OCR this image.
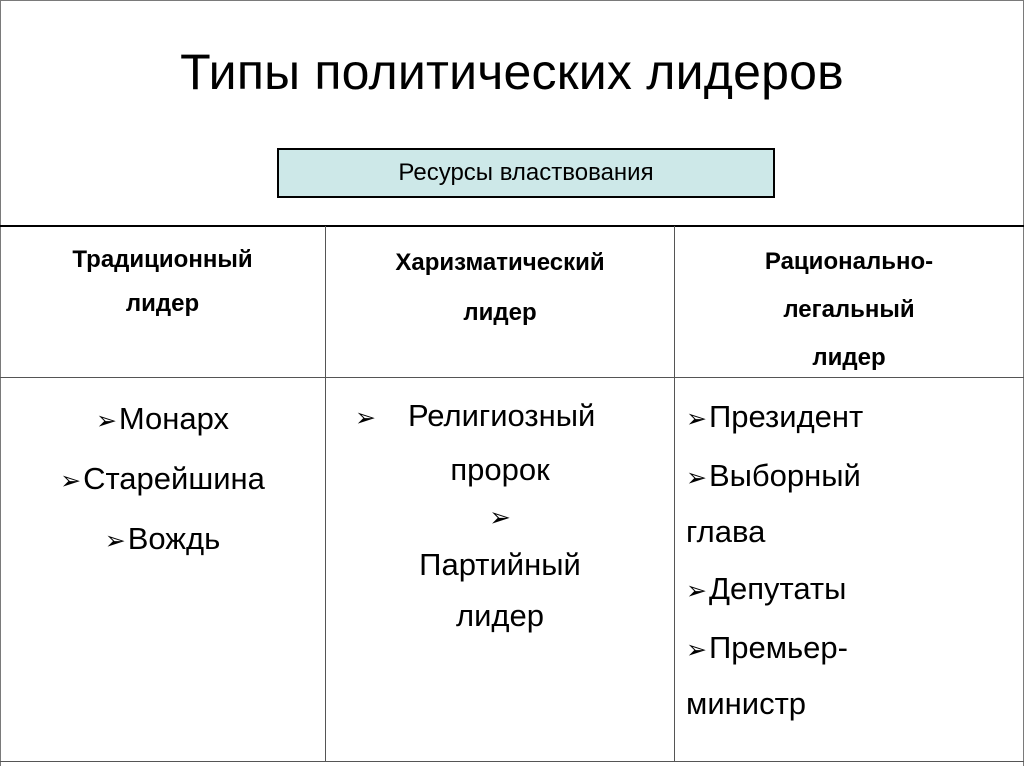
Типы политических лидеров
Ресурсы властвования
Традиционный
лидер
Харизматический
лидер
Рационально-
легальный
лидер
➢Монарх
➢Старейшина
➢Вождь
➢ Религиозный
пророк
➢
Партийный
лидер
➢Президент
➢Выборный
глава
➢Депутаты
➢Премьер-
министр
